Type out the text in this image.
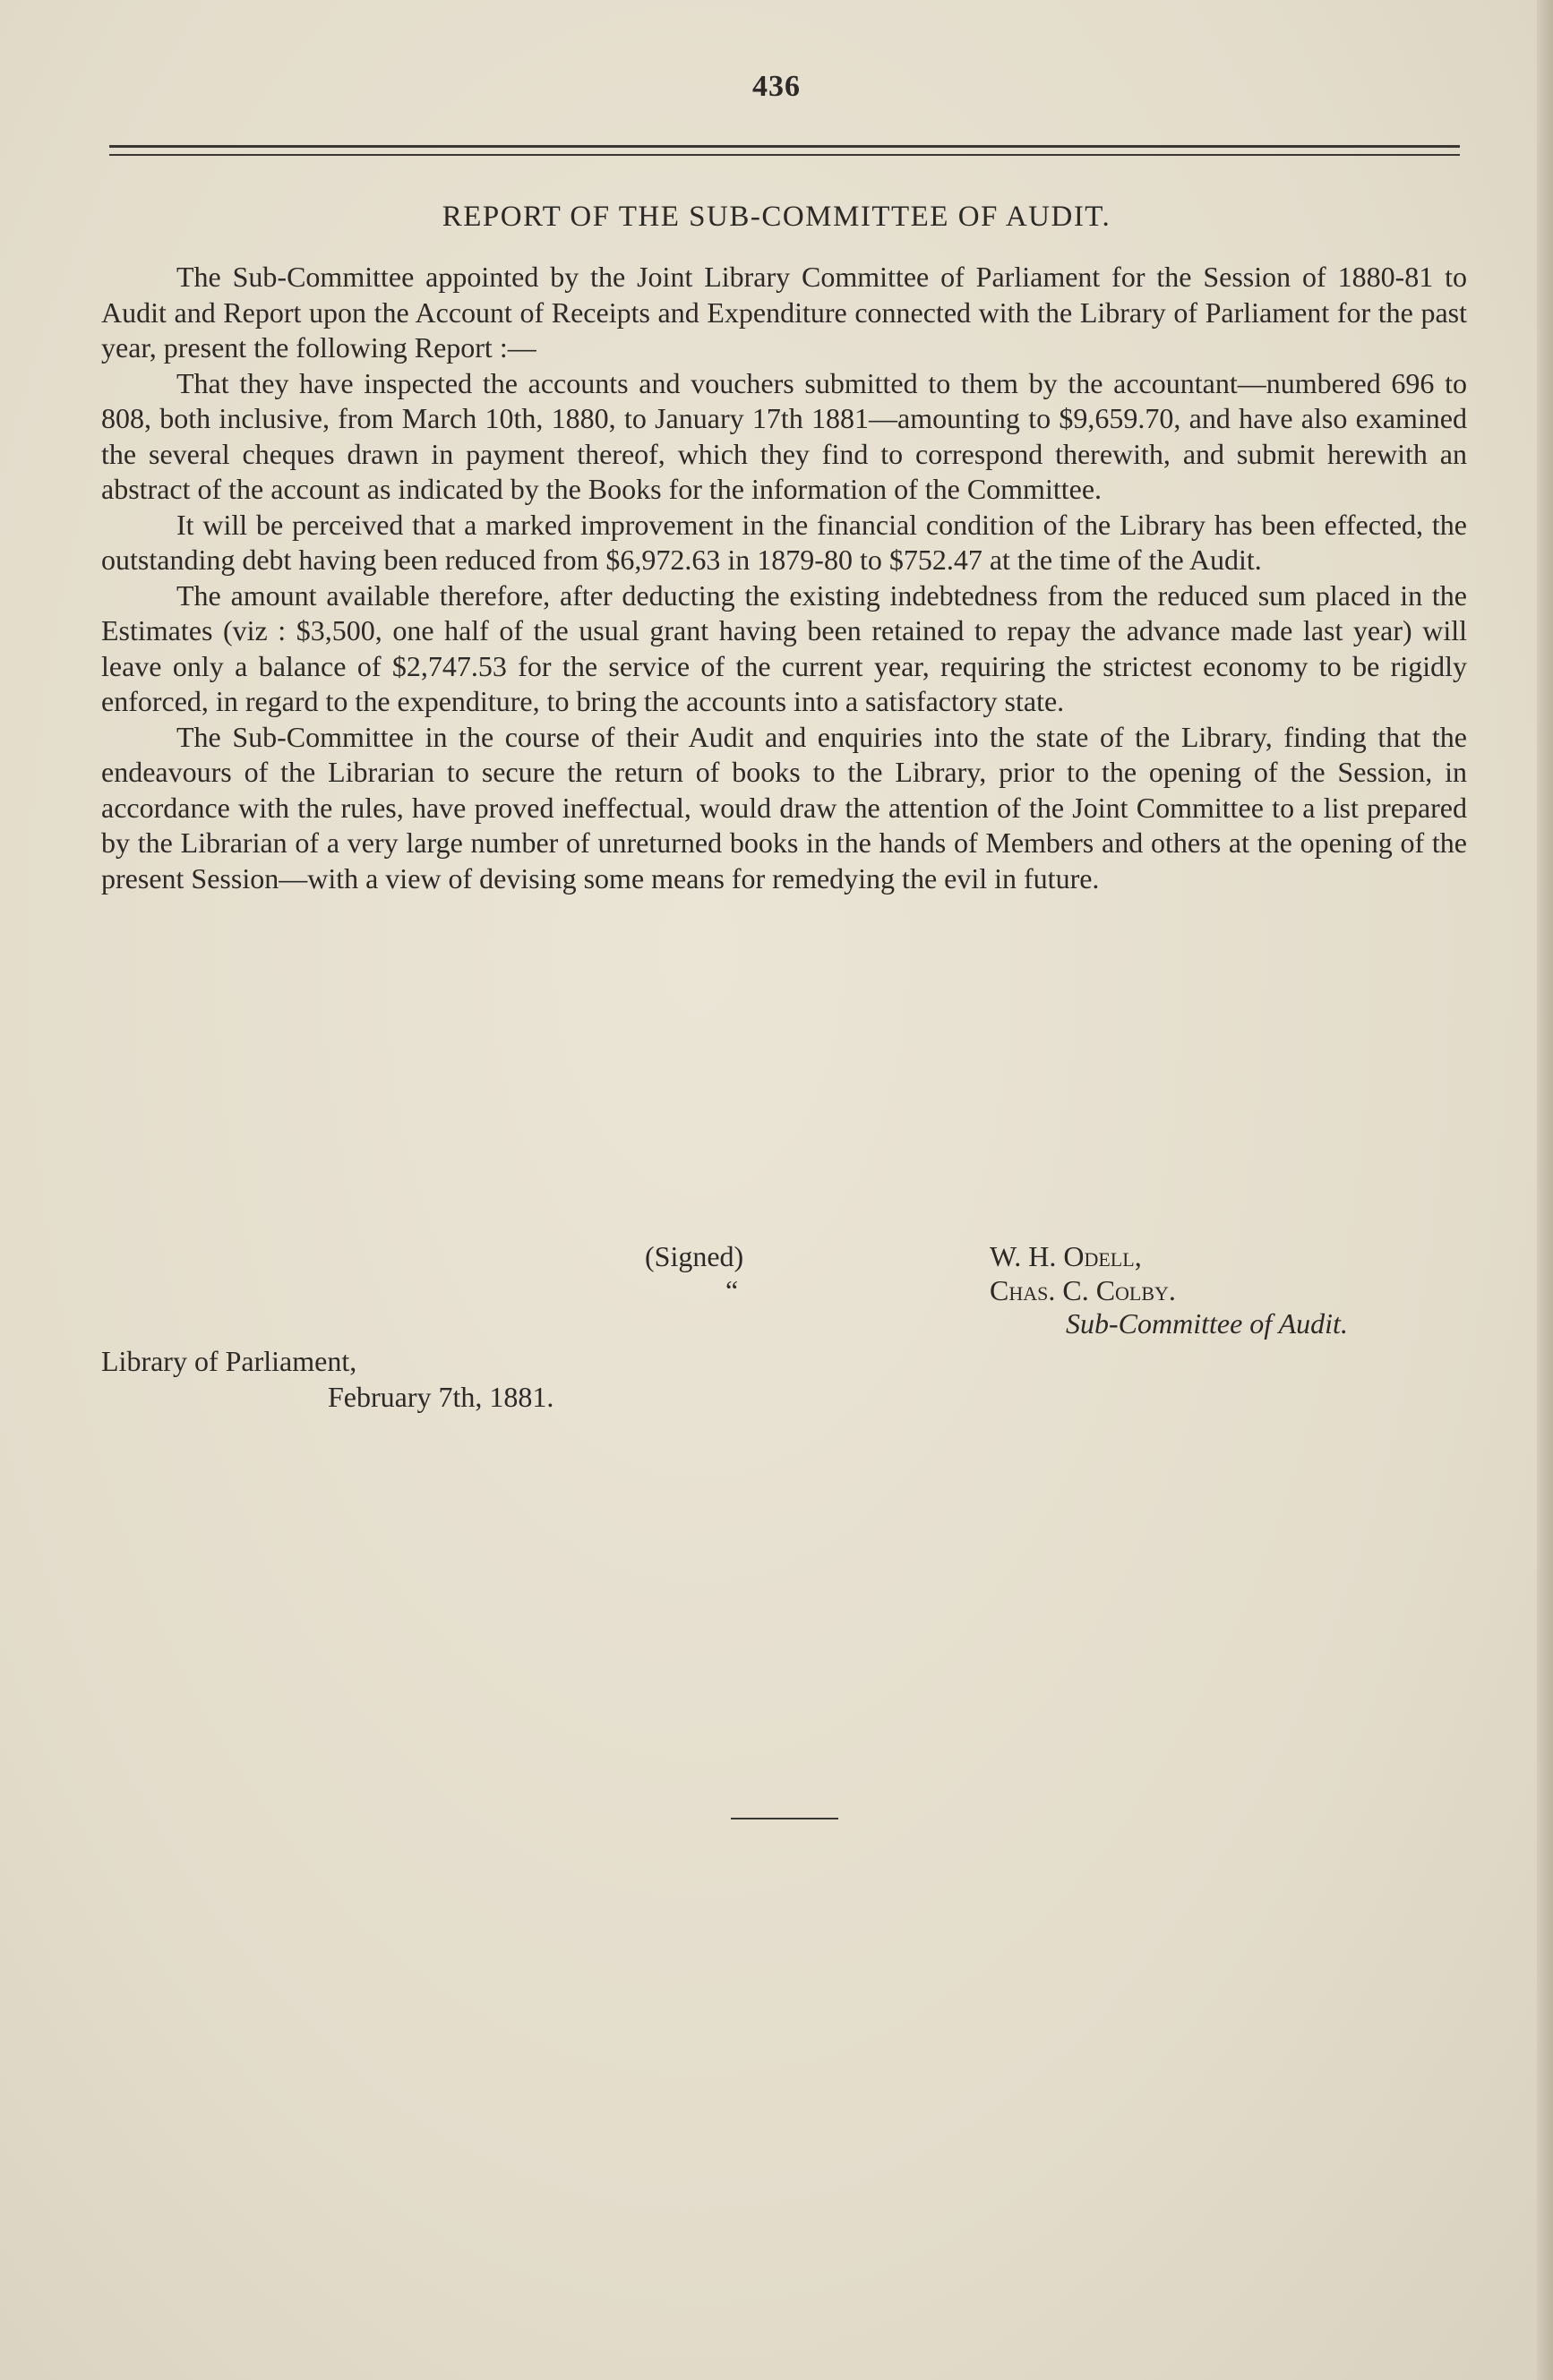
436
REPORT OF THE SUB-COMMITTEE OF AUDIT.

The Sub-Committee appointed by the Joint Library Committee of Parliament for the Session of 1880-81 to Audit and Report upon the Account of Receipts and Expenditure connected with the Library of Parliament for the past year, present the following Report :—

That they have inspected the accounts and vouchers submitted to them by the accountant—numbered 696 to 808, both inclusive, from March 10th, 1880, to January 17th 1881—amounting to $9,659.70, and have also examined the several cheques drawn in payment thereof, which they find to correspond therewith, and submit herewith an abstract of the account as indicated by the Books for the information of the Committee.

It will be perceived that a marked improvement in the financial condition of the Library has been effected, the outstanding debt having been reduced from $6,972.63 in 1879-80 to $752.47 at the time of the Audit.

The amount available therefore, after deducting the existing indebtedness from the reduced sum placed in the Estimates (viz : $3,500, one half of the usual grant having been retained to repay the advance made last year) will leave only a balance of $2,747.53 for the service of the current year, requiring the strictest economy to be rigidly enforced, in regard to the expenditure, to bring the accounts into a satisfactory state.

The Sub-Committee in the course of their Audit and enquiries into the state of the Library, finding that the endeavours of the Librarian to secure the return of books to the Library, prior to the opening of the Session, in accordance with the rules, have proved ineffectual, would draw the attention of the Joint Committee to a list prepared by the Librarian of a very large number of unreturned books in the hands of Members and others at the opening of the present Session—with a view of devising some means for remedying the evil in future.

(Signed)
“
W. H. Odell,
Chas. C. Colby.
Sub-Committee of Audit.
Library of Parliament,
February 7th, 1881.
